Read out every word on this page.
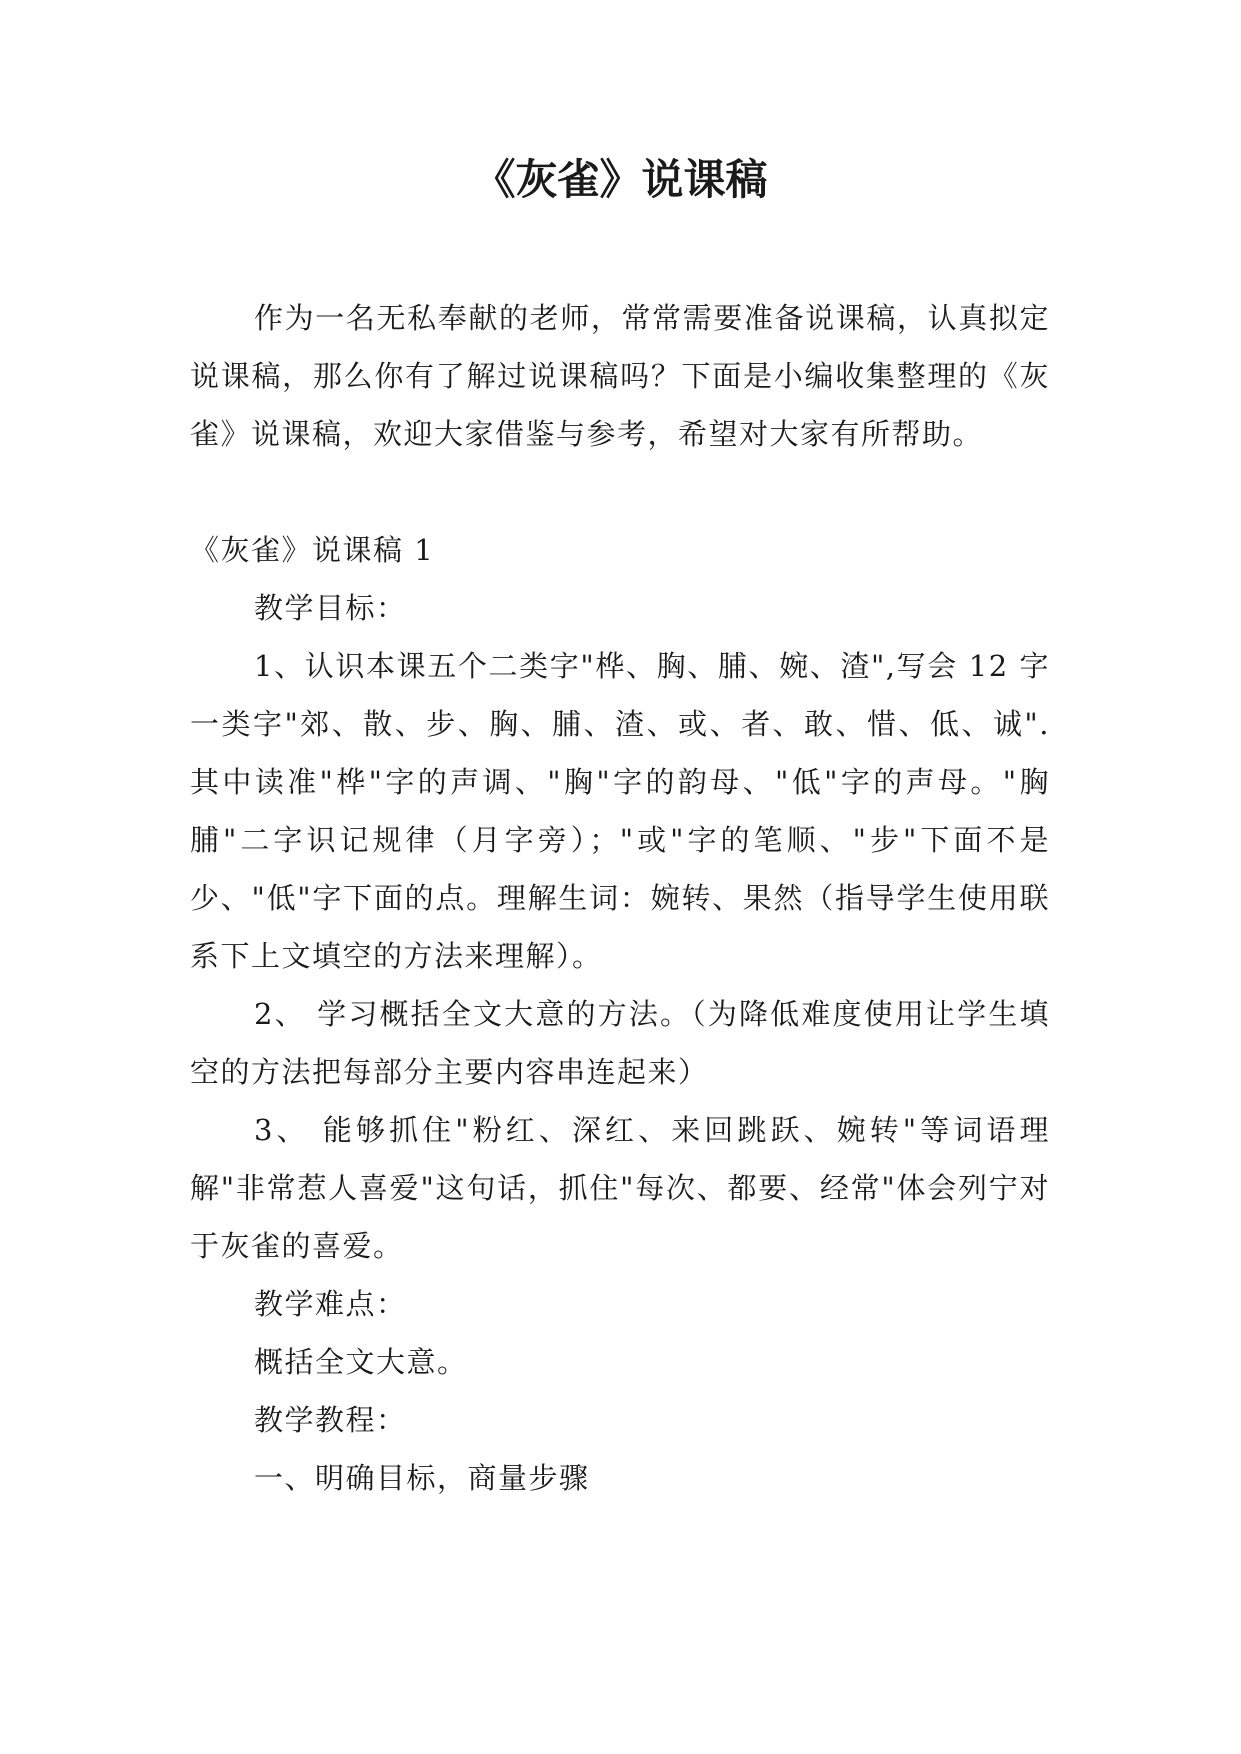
《灰雀》说课稿

作为一名无私奉献的老师，常常需要准备说课稿，认真拟定说课稿，那么你有了解过说课稿吗？下面是小编收集整理的《灰雀》说课稿，欢迎大家借鉴与参考，希望对大家有所帮助。

《灰雀》说课稿 1

教学目标：

1、认识本课五个二类字"桦、胸、脯、婉、渣",写会 12 字一类字"郊、散、步、胸、脯、渣、或、者、敢、惜、低、诚".其中读准"桦"字的声调、"胸"字的韵母、"低"字的声母。"胸脯"二字识记规律（月字旁）；"或"字的笔顺、"步"下面不是少、"低"字下面的点。理解生词：婉转、果然（指导学生使用联系下上文填空的方法来理解）。

2、 学习概括全文大意的方法。（为降低难度使用让学生填空的方法把每部分主要内容串连起来）

3、 能够抓住"粉红、深红、来回跳跃、婉转"等词语理解"非常惹人喜爱"这句话，抓住"每次、都要、经常"体会列宁对于灰雀的喜爱。

教学难点：

概括全文大意。

教学教程：

一、明确目标，商量步骤
